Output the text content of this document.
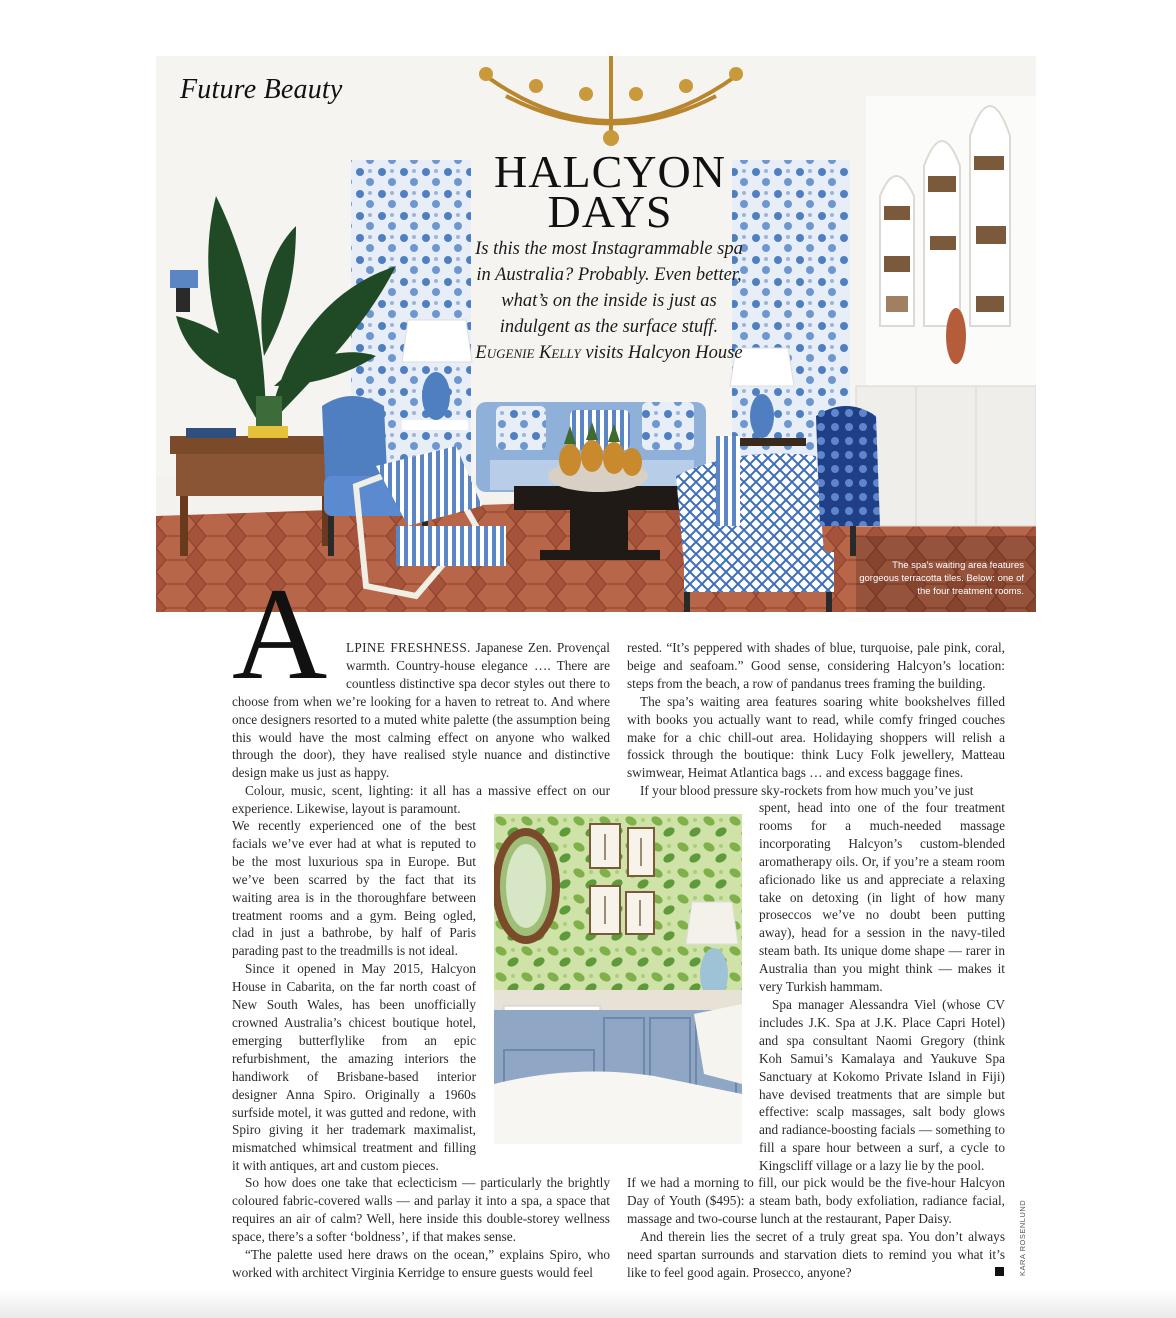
Future Beauty
HALCYON
DAYS
Is this the most Instagrammable spa in Australia? Probably. Even better, what’s on the inside is just as indulgent as the surface stuff. Eugenie Kelly visits Halcyon House
The spa’s waiting area features gorgeous terracotta tiles. Below: one of the four treatment rooms.
A	LPINE FRESHNESS. Japanese Zen. Provençal warmth. Country-house elegance …. There are countless distinctive spa decor styles out there to choose from when we’re looking for a haven to retreat to. And where once designers resorted to a muted white palette (the assumption being this would have the most calming effect on anyone who walked through the door), they have realised style nuance and distinctive design make us just as happy.

Colour, music, scent, lighting: it all has a massive effect on our experience. Likewise, layout is paramount.

We recently experienced one of the best facials we’ve ever had at what is reputed to be the most luxurious spa in Europe. But we’ve been scarred by the fact that its waiting area is in the thoroughfare between treatment rooms and a gym. Being ogled, clad in just a bathrobe, by half of Paris parading past to the treadmills is not ideal.

Since it opened in May 2015, Halcyon House in Cabarita, on the far north coast of New South Wales, has been unofficially crowned Australia’s chicest boutique hotel, emerging butterflylike from an epic refurbishment, the amazing interiors the handiwork of Brisbane-based interior designer Anna Spiro. Originally a 1960s surfside motel, it was gutted and redone, with Spiro giving it her trademark maximalist, mismatched whimsical treatment and filling it with antiques, art and custom pieces.

So how does one take that eclecticism — particularly the brightly coloured fabric-covered walls — and parlay it into a spa, a space that requires an air of calm? Well, here inside this double-storey wellness space, there’s a softer ‘boldness’, if that makes sense.

“The palette used here draws on the ocean,” explains Spiro, who worked with architect Virginia Kerridge to ensure guests would feel

rested. “It’s peppered with shades of blue, turquoise, pale pink, coral, beige and seafoam.” Good sense, considering Halcyon’s location: steps from the beach, a row of pandanus trees framing the building.

The spa’s waiting area features soaring white bookshelves filled with books you actually want to read, while comfy fringed couches make for a chic chill-out area. Holidaying shoppers will relish a fossick through the boutique: think Lucy Folk jewellery, Matteau swimwear, Heimat Atlantica bags … and excess baggage fines.

If your blood pressure sky-rockets from how much you’ve just

spent, head into one of the four treatment rooms for a much-needed massage incorporating Halcyon’s custom-blended aromatherapy oils. Or, if you’re a steam room aficionado like us and appreciate a relaxing take on detoxing (in light of how many proseccos we’ve no doubt been putting away), head for a session in the navy-tiled steam bath. Its unique dome shape — rarer in Australia than you might think — makes it very Turkish hammam.

Spa manager Alessandra Viel (whose CV includes J.K. Spa at J.K. Place Capri Hotel) and spa consultant Naomi Gregory (think Koh Samui’s Kamalaya and Yaukuve Spa Sanctuary at Kokomo Private Island in Fiji) have devised treatments that are simple but effective: scalp massages, salt body glows and radiance-boosting facials — something to fill a spare hour between a surf, a cycle to Kingscliff village or a lazy lie by the pool.

If we had a morning to fill, our pick would be the five-hour Halcyon Day of Youth ($495): a steam bath, body exfoliation, radiance facial, massage and two-course lunch at the restaurant, Paper Daisy.

And therein lies the secret of a truly great spa. You don’t always need spartan surrounds and starvation diets to remind you what it’s like to feel good again. Prosecco, anyone?	KARA ROSENLUND
